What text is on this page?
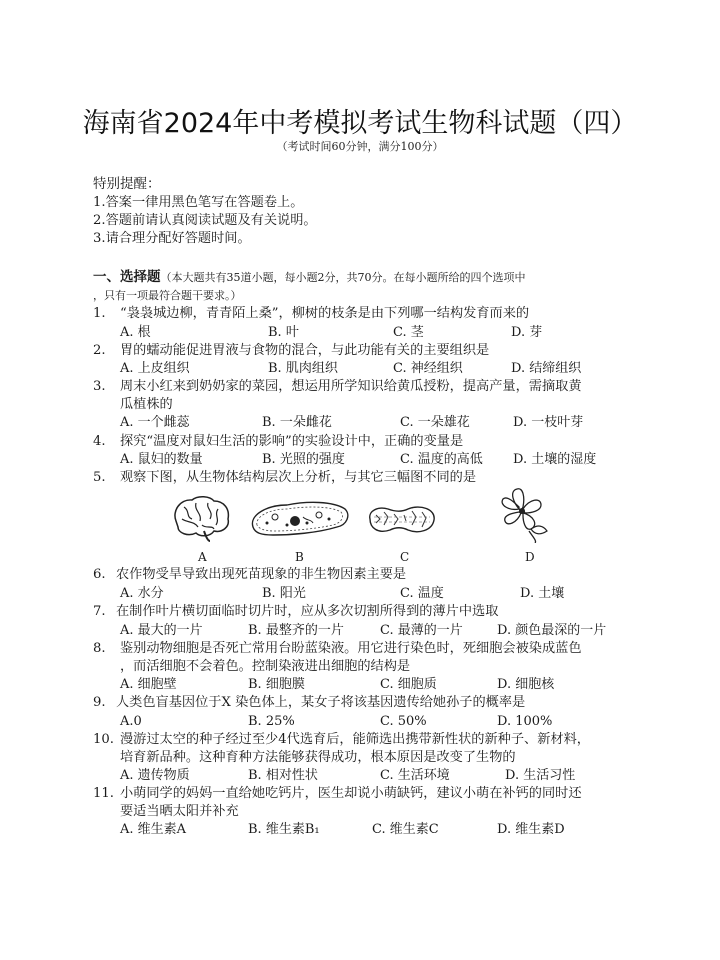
海南省2024年中考模拟考试生物科试题（四）
（考试时间60分钟，满分100分）
特别提醒：
1.答案一律用黑色笔写在答题卷上。
2.答题前请认真阅读试题及有关说明。
3.请合理分配好答题时间。
一、选择题（本大题共有35道小题，每小题2分，共70分。在每小题所给的四个选项中
，只有一项最符合题干要求。）
1. “袅袅城边柳，青青陌上桑”，柳树的枝条是由下列哪一结构发育而来的
A. 根	B. 叶	C. 茎	D. 芽
2. 胃的蠕动能促进胃液与食物的混合，与此功能有关的主要组织是
A. 上皮组织	B. 肌肉组织	C. 神经组织	D. 结缔组织
3. 周末小红来到奶奶家的菜园，想运用所学知识给黄瓜授粉，提高产量，需摘取黄
瓜植株的
A. 一个雌蕊	B. 一朵雌花	C. 一朵雄花	D. 一枝叶芽
4. 探究“温度对鼠妇生活的影响”的实验设计中，正确的变量是
A. 鼠妇的数量	B. 光照的强度	C. 温度的高低 D. 土壤的湿度
5. 观察下图，从生物体结构层次上分析，与其它三幅图不同的是
A	B	C	D
6. 农作物受旱导致出现死苗现象的非生物因素主要是
A. 水分	B. 阳光	C. 温度	D. 土壤
7. 在制作叶片横切面临时切片时，应从多次切割所得到的薄片中选取
A. 最大的一片	B. 最整齐的一片	C. 最薄的一片	D. 颜色最深的一片
8. 鉴别动物细胞是否死亡常用台盼蓝染液。用它进行染色时，死细胞会被染成蓝色
，而活细胞不会着色。控制染液进出细胞的结构是
A. 细胞壁	B. 细胞膜	C. 细胞质	D. 细胞核
9. 人类色盲基因位于X 染色体上，某女子将该基因遗传给她孙子的概率是
A.0	B. 25%	C. 50%	D. 100%
10. 漫游过太空的种子经过至少4代选育后，能筛选出携带新性状的新种子、新材料，
培育新品种。这种育种方法能够获得成功，根本原因是改变了生物的
A. 遗传物质	B. 相对性状	C. 生活环境	D. 生活习性
11. 小萌同学的妈妈一直给她吃钙片，医生却说小萌缺钙，建议小萌在补钙的同时还
要适当晒太阳并补充
A. 维生素A	B. 维生素B₁	C. 维生素C	D. 维生素D
